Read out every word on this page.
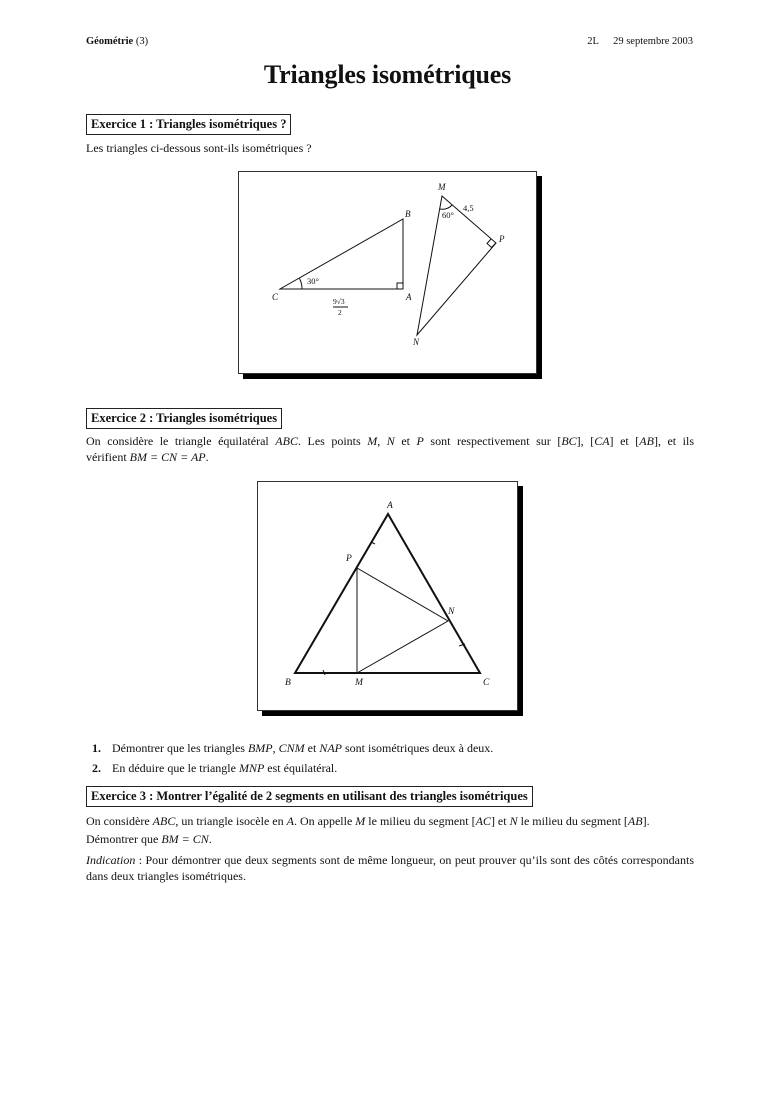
Géométrie (3)	2L 29 septembre 2003
Triangles isométriques
Exercice 1 : Triangles isométriques ?
Les triangles ci-dessous sont-ils isométriques ?
C	A
B
M
P
N
30°
9√3
2
60°
4,5
Exercice 2 : Triangles isométriques
On considère le triangle équilatéral ABC. Les points M, N et P sont respectivement sur [BC], [CA] et [AB], et ils
vérifient BM = CN = AP.
A
B	C
M
N
P
1. Démontrer que les triangles BMP, CNM et NAP sont isométriques deux à deux.
2. En déduire que le triangle MNP est équilatéral.
Exercice 3 : Montrer l’égalité de 2 segments en utilisant des triangles isométriques
On considère ABC, un triangle isocèle en A. On appelle M le milieu du segment [AC] et N le milieu du segment [AB].
Démontrer que BM = CN.
Indication : Pour démontrer que deux segments sont de même longueur, on peut prouver qu’ils sont des côtés correspondants dans deux triangles isométriques.
